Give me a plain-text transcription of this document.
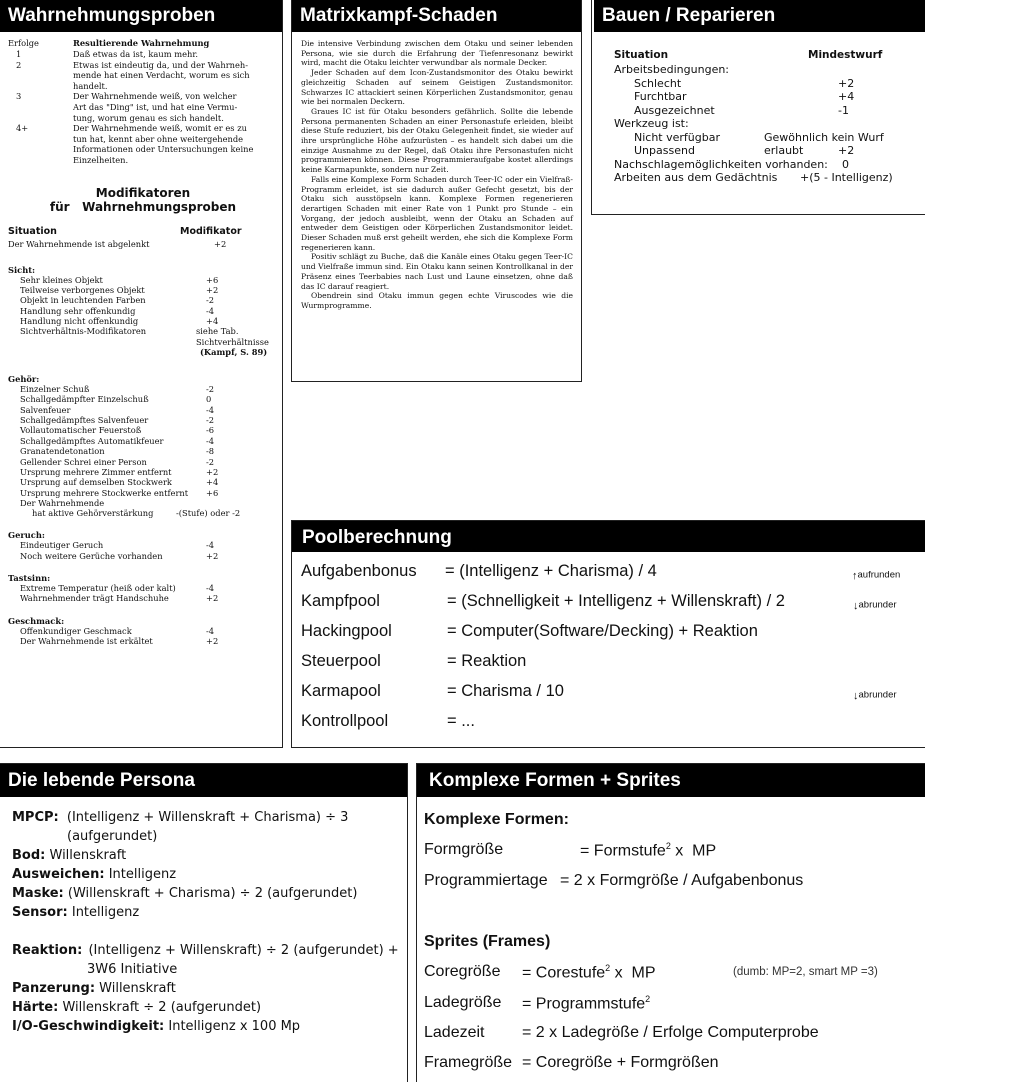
Wahrnehmungsproben
Erfolge	Resultierende Wahrnehmung
1	Daß etwas da ist, kaum mehr.
2	Etwas ist eindeutig da, und der Wahrneh-
mende hat einen Verdacht, worum es sich
handelt.
3	Der Wahrnehmende weiß, von welcher
Art das "Ding" ist, und hat eine Vermu-
tung, worum genau es sich handelt.
4+	Der Wahrnehmende weiß, womit er es zu
tun hat, kennt aber ohne weitergehende
Informationen oder Untersuchungen keine
Einzelheiten.
Modifikatoren
für   Wahrnehmungsproben
Situation	Modifikator
Der Wahrnehmende ist abgelenkt	+2
Sicht:
Sehr kleines Objekt	+6
Teilweise verborgenes Objekt	+2
Objekt in leuchtenden Farben	-2
Handlung sehr offenkundig	-4
Handlung nicht offenkundig	+4
Sichtverhältnis-Modifikatoren	siehe Tab.
Sichtverhältnisse
(Kampf, S. 89)
Gehör:
Einzelner Schuß	-2
Schallgedämpfter Einzelschuß	0
Salvenfeuer	-4
Schallgedämpftes Salvenfeuer	-2
Vollautomatischer Feuerstoß	-6
Schallgedämpftes Automatikfeuer	-4
Granatendetonation	-8
Gellender Schrei einer Person	-2
Ursprung mehrere Zimmer entfernt	+2
Ursprung auf demselben Stockwerk	+4
Ursprung mehrere Stockwerke entfernt +6
Der Wahrnehmende
hat aktive Gehörverstärkung	-(Stufe) oder -2
Geruch:
Eindeutiger Geruch	-4
Noch weitere Gerüche vorhanden	+2
Tastsinn:
Extreme Temperatur (heiß oder kalt)	-4
Wahrnehmender trägt Handschuhe	+2
Geschmack:
Offenkundiger Geschmack	-4
Der Wahrnehmende ist erkältet	+2
Matrixkampf-Schaden

Die intensive Verbindung zwischen dem Otaku und seiner lebenden Persona, wie sie durch die Erfahrung der Tiefenresonanz bewirkt wird, macht die Otaku leichter verwundbar als normale Decker.

Jeder Schaden auf dem Icon-Zustandsmonitor des Otaku bewirkt gleichzeitig Schaden auf seinem Geistigen Zustandsmonitor. Schwarzes IC attackiert seinen Körperlichen Zustandsmonitor, genau wie bei normalen Deckern.

Graues IC ist für Otaku besonders gefährlich. Sollte die lebende Persona permanenten Schaden an einer Personastufe erleiden, bleibt diese Stufe reduziert, bis der Otaku Gelegenheit findet, sie wieder auf ihre ursprüngliche Höhe aufzurüsten – es handelt sich dabei um die einzige Ausnahme zu der Regel, daß Otaku ihre Personastufen nicht programmieren können. Diese Programmieraufgabe kostet allerdings keine Karmapunkte, sondern nur Zeit.

Falls eine Komplexe Form Schaden durch Teer-IC oder ein Vielfraß-Programm erleidet, ist sie dadurch außer Gefecht gesetzt, bis der Otaku sich ausstöpseln kann. Komplexe Formen regenerieren derartigen Schaden mit einer Rate von 1 Punkt pro Stunde – ein Vorgang, der jedoch ausbleibt, wenn der Otaku an Schaden auf entweder dem Geistigen oder Körperlichen Zustandsmonitor leidet. Dieser Schaden muß erst geheilt werden, ehe sich die Komplexe Form regenerieren kann.

Positiv schlägt zu Buche, daß die Kanäle eines Otaku gegen Teer-IC und Vielfraße immun sind. Ein Otaku kann seinen Kontrollkanal in der Präsenz eines Teerbabies nach Lust und Laune einsetzen, ohne daß das IC darauf reagiert.

Obendrein sind Otaku immun gegen echte Viruscodes wie die Wurmprogramme.

Bauen / Reparieren
Situation	Mindestwurf
Arbeitsbedingungen:
Schlecht	+2
Furchtbar	+4
Ausgezeichnet	-1
Werkzeug ist:
Nicht verfügbar	Gewöhnlich kein Wurf erlaubt
Unpassend	+2
Nachschlagemöglichkeiten vorhanden: 0
Arbeiten aus dem Gedächtnis +(5 - Intelligenz)
Poolberechnung
Aufgabenbonus = (Intelligenz + Charisma) / 4	↑aufrunden
Kampfpool	= (Schnelligkeit + Intelligenz + Willenskraft) / 2	↓abrunder
Hackingpool	= Computer(Software/Decking) + Reaktion
Steuerpool	= Reaktion
Karmapool	= Charisma / 10	↓abrunder
Kontrollpool	= ...
Die lebende Persona
MPCP: (Intelligenz + Willenskraft + Charisma) ÷ 3
(aufgerundet)
Bod: Willenskraft
Ausweichen: Intelligenz
Maske: (Willenskraft + Charisma) ÷ 2 (aufgerundet)
Sensor: Intelligenz
Reaktion: (Intelligenz + Willenskraft) ÷ 2 (aufgerundet) +
3W6 Initiative
Panzerung: Willenskraft
Härte: Willenskraft ÷ 2 (aufgerundet)
I/O-Geschwindigkeit: Intelligenz x 100 Mp
Komplexe Formen + Sprites
Komplexe Formen:
Formgröße	= Formstufe$^2$ x  MP
Programmiertage = 2 x Formgröße / Aufgabenbonus
Sprites (Frames)
Coregröße = Corestufe$^2$ x  MP	(dumb: MP=2, smart MP =3)
Ladegröße = Programmstufe$^2$
Ladezeit = 2 x Ladegröße / Erfolge Computerprobe
Framegröße = Coregröße + Formgrößen
